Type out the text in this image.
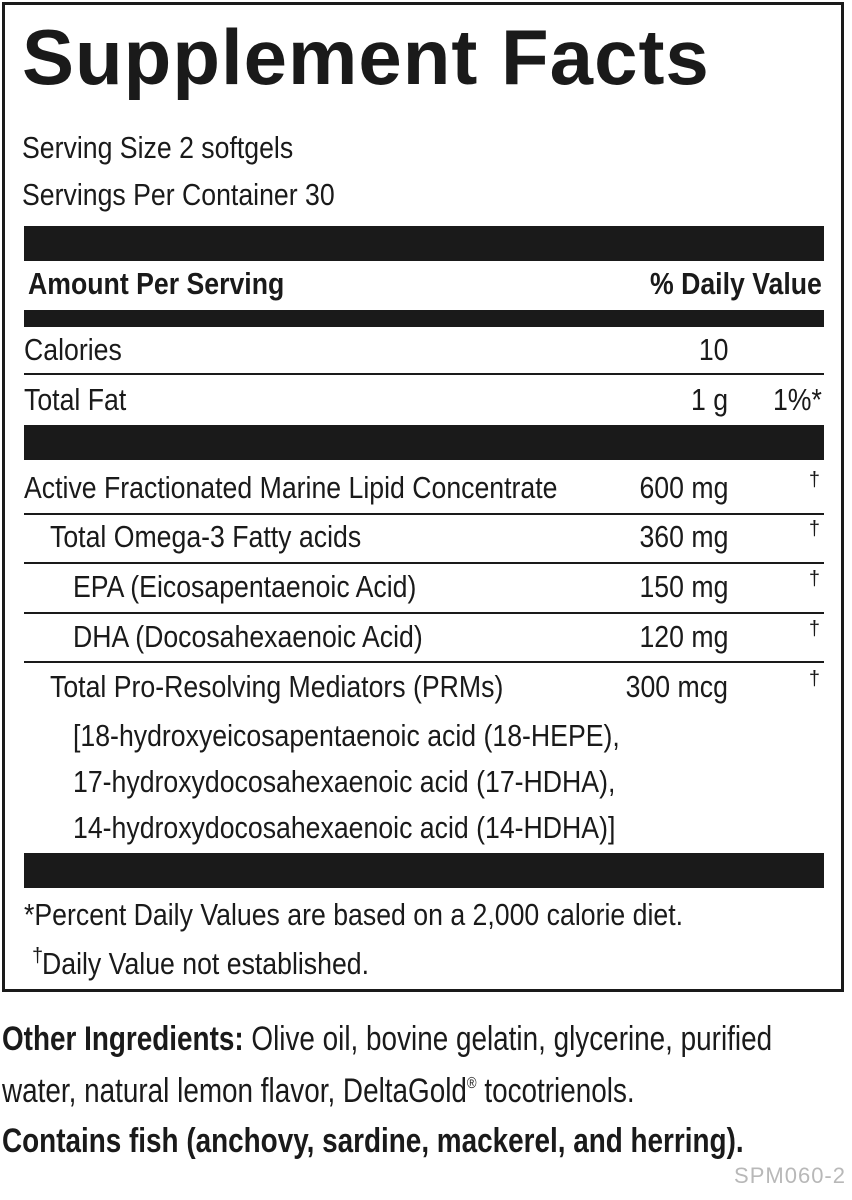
Supplement Facts
Serving Size 2 softgels
Servings Per Container 30
Amount Per Serving	% Daily Value
Calories	10
Total Fat	1 g 1%*
Active Fractionated Marine Lipid Concentrate	600 mg	†
Total Omega-3 Fatty acids	360 mg	†
EPA (Eicosapentaenoic Acid)	150 mg	†
DHA (Docosahexaenoic Acid)	120 mg	†
Total Pro-Resolving Mediators (PRMs)	300 mcg	†
[18-hydroxyeicosapentaenoic acid (18-HEPE),
17-hydroxydocosahexaenoic acid (17-HDHA),
14-hydroxydocosahexaenoic acid (14-HDHA)]
*Percent Daily Values are based on a 2,000 calorie diet.
†
Daily Value not established.
Other Ingredients: Olive oil, bovine gelatin, glycerine, purified
water, natural lemon flavor, DeltaGold® tocotrienols.
Contains fish (anchovy, sardine, mackerel, and herring).
SPM060-2
